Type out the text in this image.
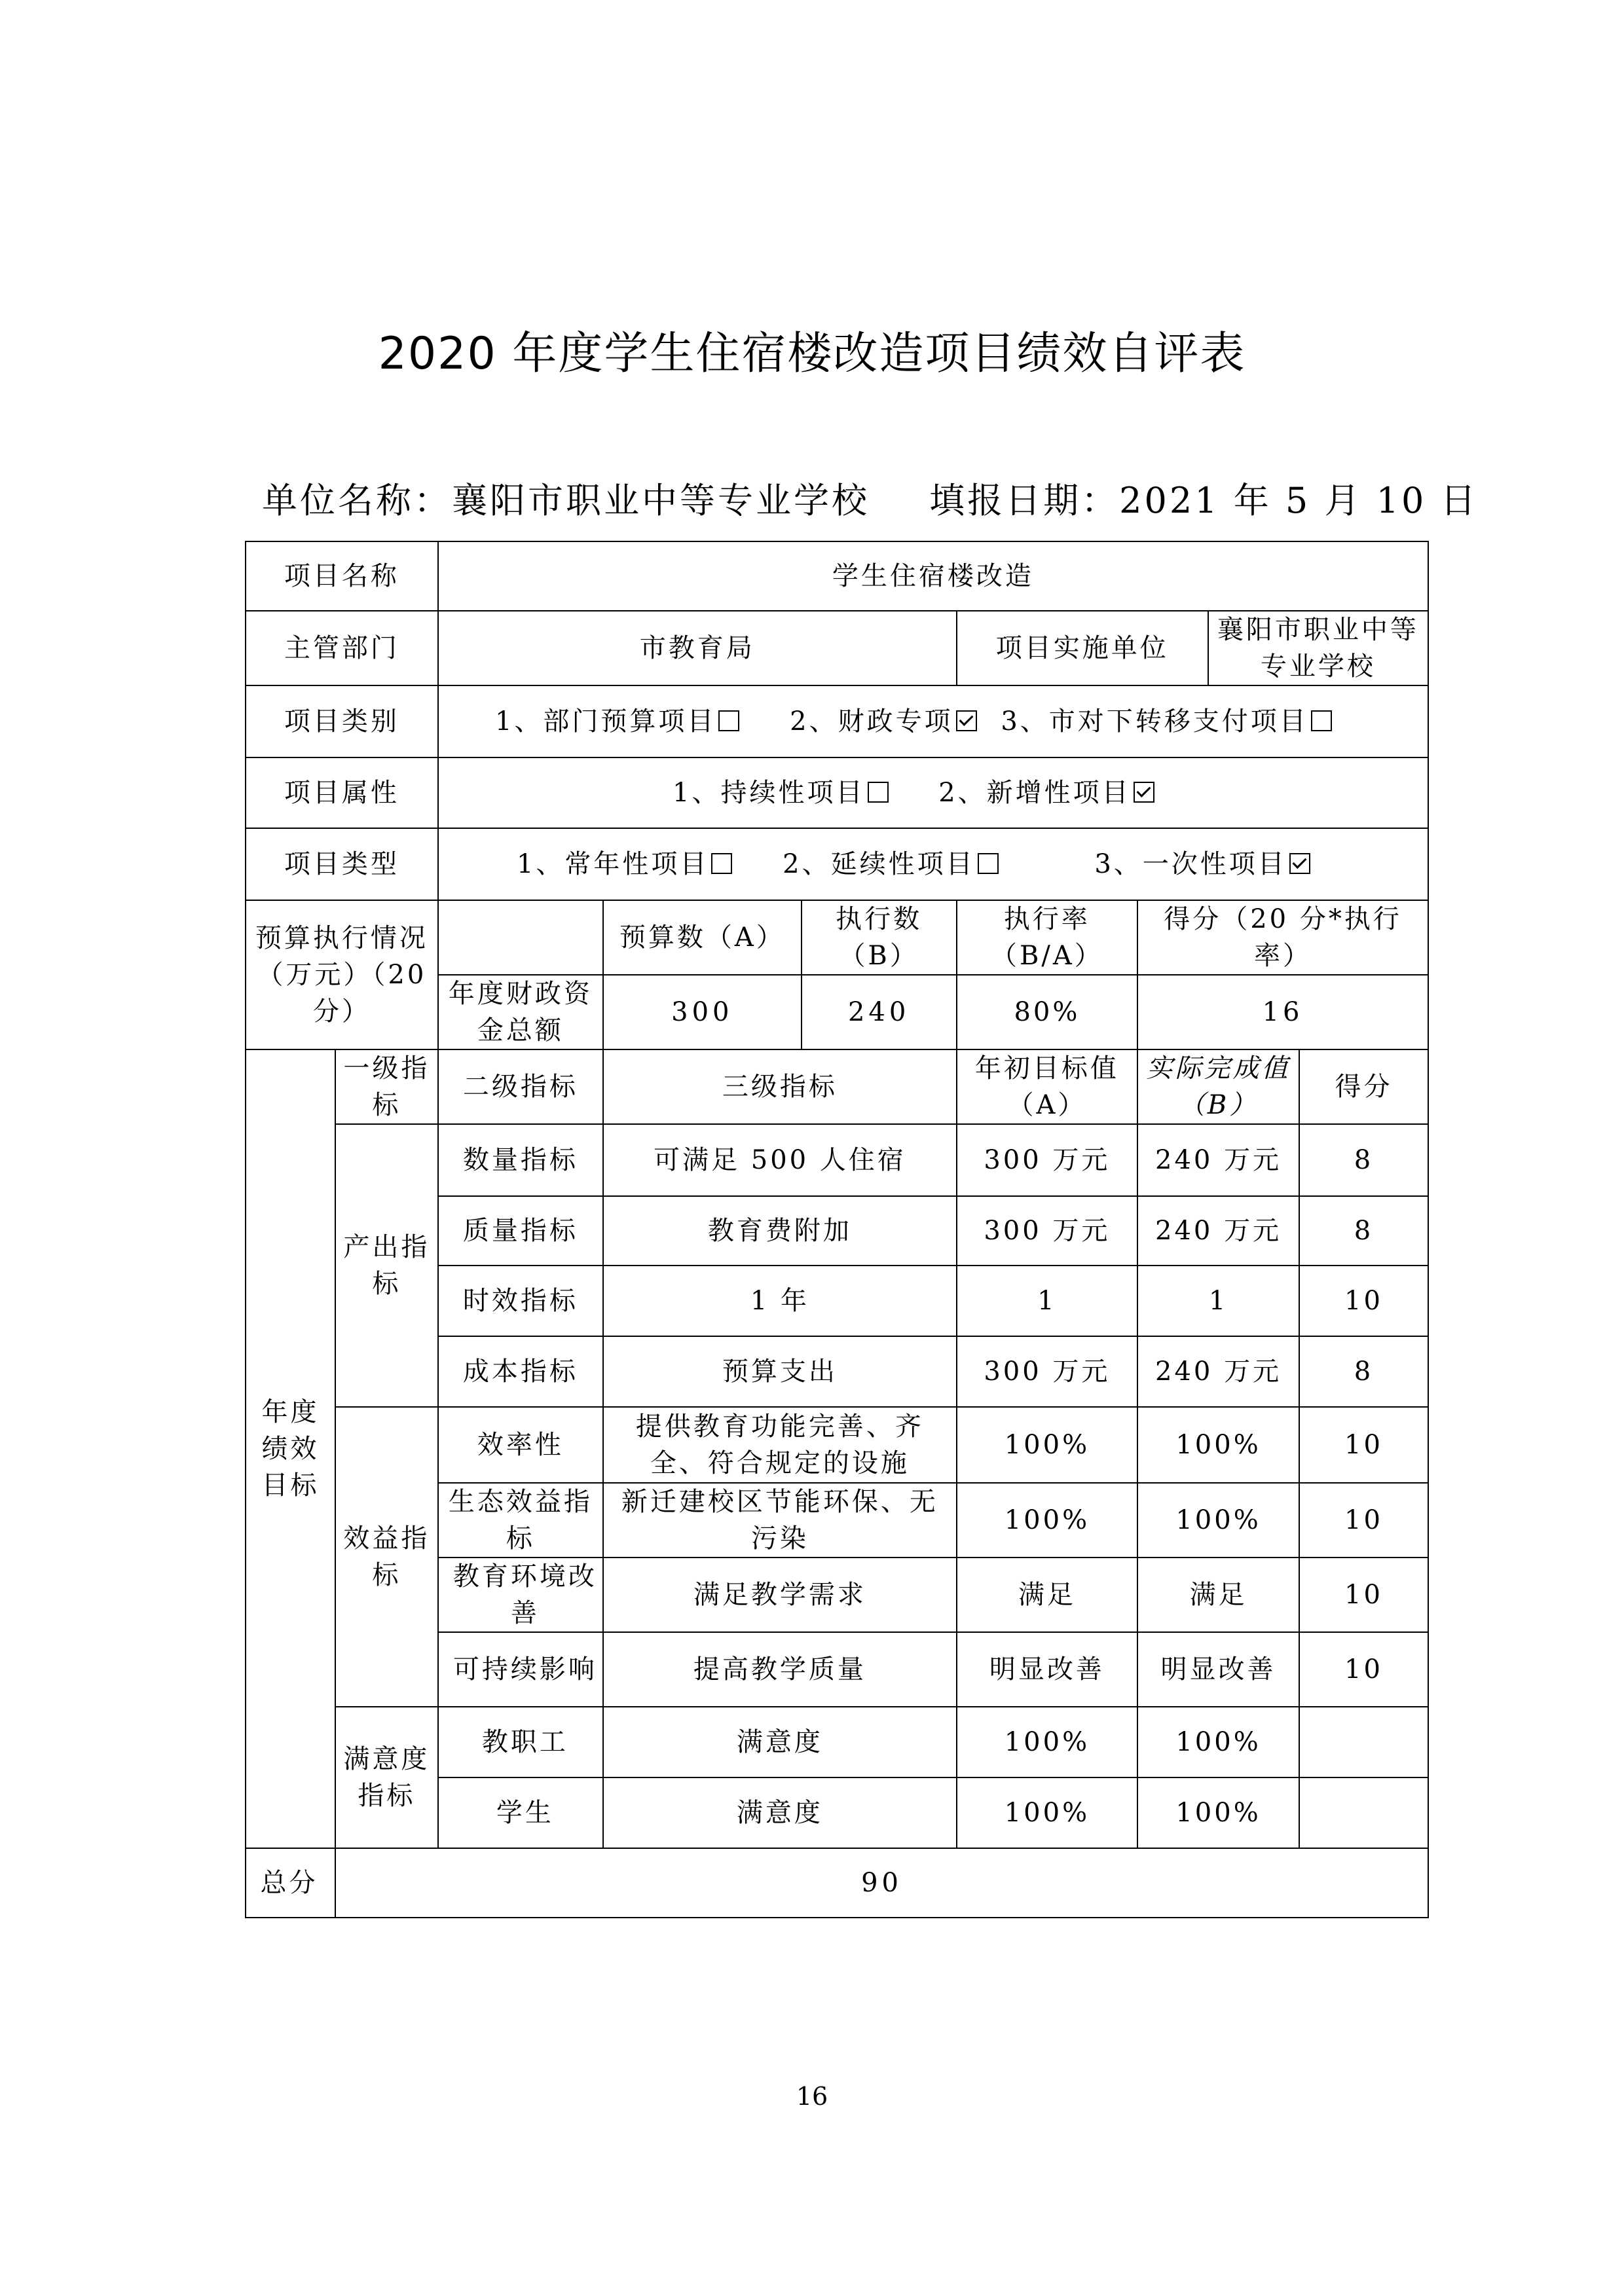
2020 年度学生住宿楼改造项目绩效自评表
单位名称：襄阳市职业中等专业学校 填报日期：2021 年 5 月 10 日
项目名称		学生住宿楼改造						
主管部门		市教育局			项目实施单位		襄阳市职业中等专业学校	
项目类别		1、部门预算项目 2、财政专项 3、市对下转移支付项目						
项目属性		1、持续性项目 2、新增性项目						
项目类型		1、常年性项目 2、延续性项目 3、一次性项目						
预算执行情况（万元）（20 分）			预算数（A）	执行数（B）	执行率（B/A）	得分（20 分*执行率）		
		年度财政资金总额	300	240	80%	16		
年度绩效目标	一级指标	二级指标	三级指标		年初目标值（A）	实际完成值（B）		得分
	产出指标	数量指标	可满足 500 人住宿		300 万元	240 万元		8
		质量指标	教育费附加		300 万元	240 万元		8
		时效指标	1 年		1	1		10
		成本指标	预算支出		300 万元	240 万元		8
	效益指标	效率性	提供教育功能完善、齐全、符合规定的设施		100%	100%		10
		生态效益指标	新迁建校区节能环保、无污染		100%	100%		10
		教育环境改善	满足教学需求		满足	满足		10
		可持续影响	提高教学质量		明显改善	明显改善		10
	满意度指标	教职工	满意度		100%	100%		
		学生	满意度		100%	100%		
总分	90							
16
